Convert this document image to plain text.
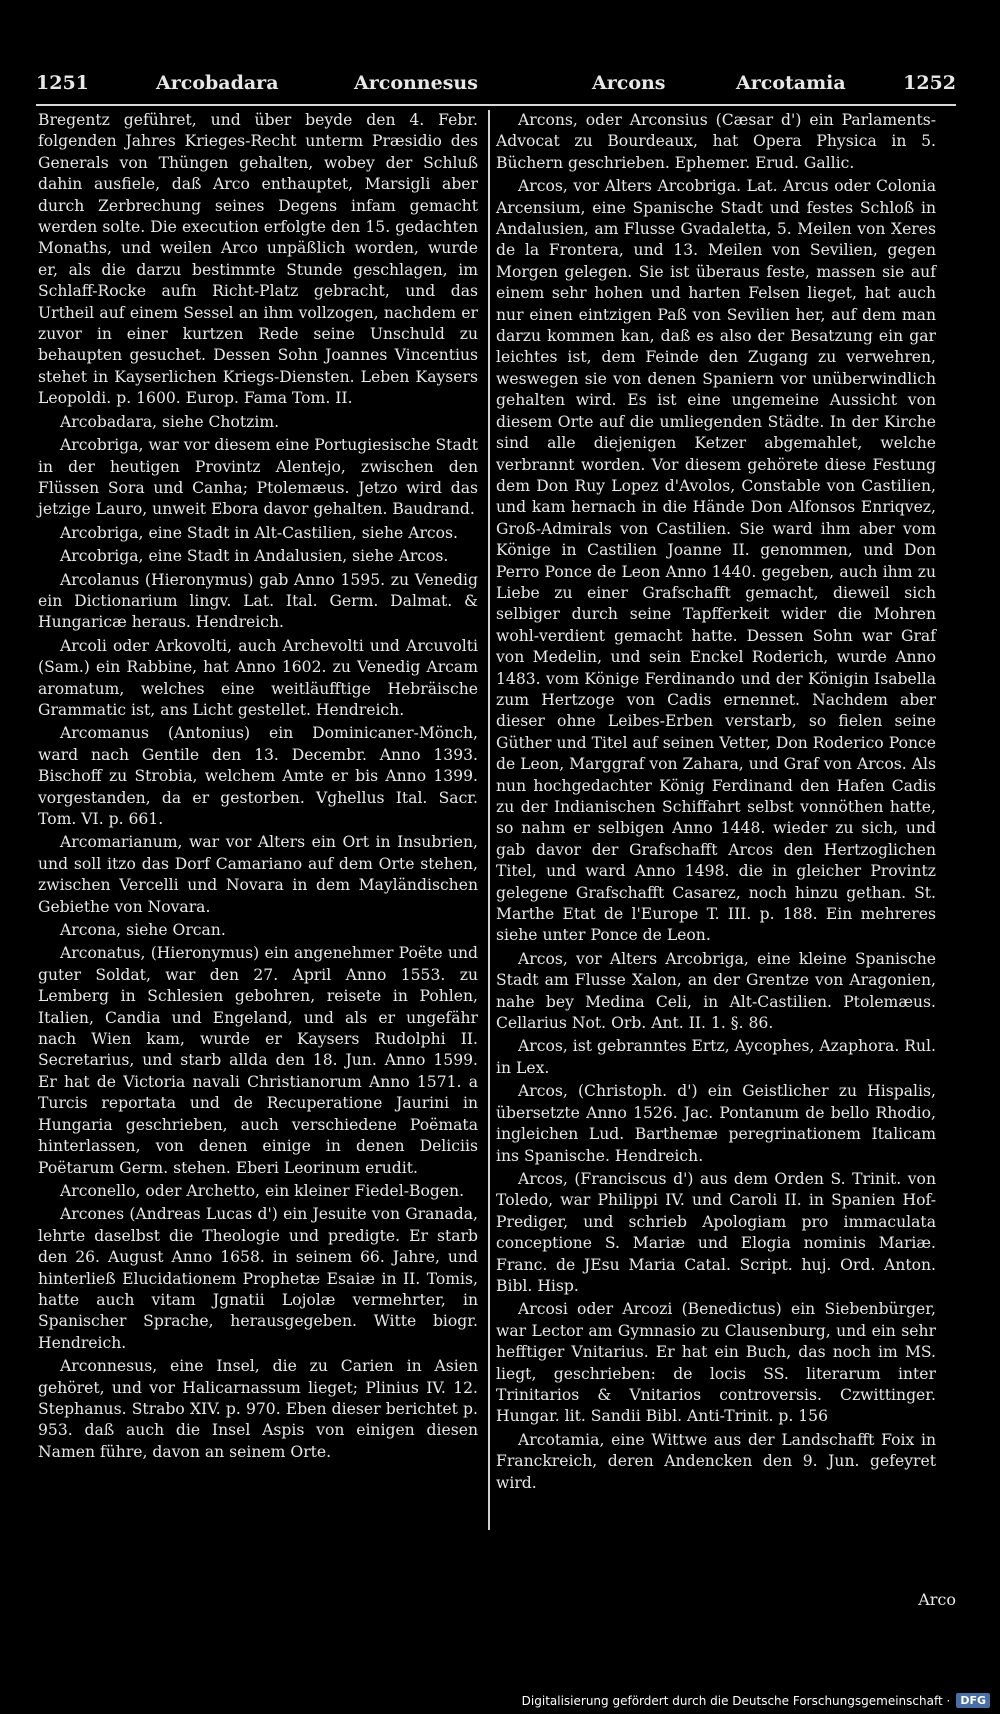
1251	Arcobadara	Arconnesus	Arcons	Arcotamia	1252

Bregentz geführet, und über beyde den 4. Febr. folgenden Jahres Krieges-Recht unterm Præsidio des Generals von Thüngen gehalten, wobey der Schluß dahin ausfiele, daß Arco enthauptet, Marsigli aber durch Zerbrechung seines Degens infam gemacht werden solte. Die execution erfolgte den 15. gedachten Monaths, und weilen Arco unpäßlich worden, wurde er, als die darzu bestimmte Stunde geschlagen, im Schlaff-Rocke aufn Richt-Platz gebracht, und das Urtheil auf einem Sessel an ihm vollzogen, nachdem er zuvor in einer kurtzen Rede seine Unschuld zu behaupten gesuchet. Dessen Sohn Joannes Vincentius stehet in Kayserlichen Kriegs-Diensten. Leben Kaysers Leopoldi. p. 1600. Europ. Fama Tom. II.

Arcobadara, siehe Chotzim.

Arcobriga, war vor diesem eine Portugiesische Stadt in der heutigen Provintz Alentejo, zwischen den Flüssen Sora und Canha; Ptolemæus. Jetzo wird das jetzige Lauro, unweit Ebora davor gehalten. Baudrand.

Arcobriga, eine Stadt in Alt-Castilien, siehe Arcos.

Arcobriga, eine Stadt in Andalusien, siehe Arcos.

Arcolanus (Hieronymus) gab Anno 1595. zu Venedig ein Dictionarium lingv. Lat. Ital. Germ. Dalmat. & Hungaricæ heraus. Hendreich.

Arcoli oder Arkovolti, auch Archevolti und Arcuvolti (Sam.) ein Rabbine, hat Anno 1602. zu Venedig Arcam aromatum, welches eine weitläufftige Hebräische Grammatic ist, ans Licht gestellet. Hendreich.

Arcomanus (Antonius) ein Dominicaner-Mönch, ward nach Gentile den 13. Decembr. Anno 1393. Bischoff zu Strobia, welchem Amte er bis Anno 1399. vorgestanden, da er gestorben. Vghellus Ital. Sacr. Tom. VI. p. 661.

Arcomarianum, war vor Alters ein Ort in Insubrien, und soll itzo das Dorf Camariano auf dem Orte stehen, zwischen Vercelli und Novara in dem Mayländischen Gebiethe von Novara.

Arcona, siehe Orcan.

Arconatus, (Hieronymus) ein angenehmer Poëte und guter Soldat, war den 27. April Anno 1553. zu Lemberg in Schlesien gebohren, reisete in Pohlen, Italien, Candia und Engeland, und als er ungefähr nach Wien kam, wurde er Kaysers Rudolphi II. Secretarius, und starb allda den 18. Jun. Anno 1599. Er hat de Victoria navali Christianorum Anno 1571. a Turcis reportata und de Recuperatione Jaurini in Hungaria geschrieben, auch verschiedene Poëmata hinterlassen, von denen einige in denen Deliciis Poëtarum Germ. stehen. Eberi Leorinum erudit.

Arconello, oder Archetto, ein kleiner Fiedel-Bogen.

Arcones (Andreas Lucas d') ein Jesuite von Granada, lehrte daselbst die Theologie und predigte. Er starb den 26. August Anno 1658. in seinem 66. Jahre, und hinterließ Elucidationem Prophetæ Esaiæ in II. Tomis, hatte auch vitam Jgnatii Lojolæ vermehrter, in Spanischer Sprache, herausgegeben. Witte biogr. Hendreich.

Arconnesus, eine Insel, die zu Carien in Asien gehöret, und vor Halicarnassum lieget; Plinius IV. 12. Stephanus. Strabo XIV. p. 970. Eben dieser berichtet p. 953. daß auch die Insel Aspis von einigen diesen Namen führe, davon an seinem Orte.

Arcons, oder Arconsius (Cæsar d') ein Parlaments-Advocat zu Bourdeaux, hat Opera Physica in 5. Büchern geschrieben. Ephemer. Erud. Gallic.

Arcos, vor Alters Arcobriga. Lat. Arcus oder Colonia Arcensium, eine Spanische Stadt und festes Schloß in Andalusien, am Flusse Gvadaletta, 5. Meilen von Xeres de la Frontera, und 13. Meilen von Sevilien, gegen Morgen gelegen. Sie ist überaus feste, massen sie auf einem sehr hohen und harten Felsen lieget, hat auch nur einen eintzigen Paß von Sevilien her, auf dem man darzu kommen kan, daß es also der Besatzung ein gar leichtes ist, dem Feinde den Zugang zu verwehren, weswegen sie von denen Spaniern vor unüberwindlich gehalten wird. Es ist eine ungemeine Aussicht von diesem Orte auf die umliegenden Städte. In der Kirche sind alle diejenigen Ketzer abgemahlet, welche verbrannt worden. Vor diesem gehörete diese Festung dem Don Ruy Lopez d'Avolos, Constable von Castilien, und kam hernach in die Hände Don Alfonsos Enriqvez, Groß-Admirals von Castilien. Sie ward ihm aber vom Könige in Castilien Joanne II. genommen, und Don Perro Ponce de Leon Anno 1440. gegeben, auch ihm zu Liebe zu einer Grafschafft gemacht, dieweil sich selbiger durch seine Tapfferkeit wider die Mohren wohl-verdient gemacht hatte. Dessen Sohn war Graf von Medelin, und sein Enckel Roderich, wurde Anno 1483. vom Könige Ferdinando und der Königin Isabella zum Hertzoge von Cadis ernennet. Nachdem aber dieser ohne Leibes-Erben verstarb, so fielen seine Güther und Titel auf seinen Vetter, Don Roderico Ponce de Leon, Marggraf von Zahara, und Graf von Arcos. Als nun hochgedachter König Ferdinand den Hafen Cadis zu der Indianischen Schiffahrt selbst vonnöthen hatte, so nahm er selbigen Anno 1448. wieder zu sich, und gab davor der Grafschafft Arcos den Hertzoglichen Titel, und ward Anno 1498. die in gleicher Provintz gelegene Grafschafft Casarez, noch hinzu gethan. St. Marthe Etat de l'Europe T. III. p. 188. Ein mehreres siehe unter Ponce de Leon.

Arcos, vor Alters Arcobriga, eine kleine Spanische Stadt am Flusse Xalon, an der Grentze von Aragonien, nahe bey Medina Celi, in Alt-Castilien. Ptolemæus. Cellarius Not. Orb. Ant. II. 1. §. 86.

Arcos, ist gebranntes Ertz, Aycophes, Azaphora. Rul. in Lex.

Arcos, (Christoph. d') ein Geistlicher zu Hispalis, übersetzte Anno 1526. Jac. Pontanum de bello Rhodio, ingleichen Lud. Barthemæ peregrinationem Italicam ins Spanische. Hendreich.

Arcos, (Franciscus d') aus dem Orden S. Trinit. von Toledo, war Philippi IV. und Caroli II. in Spanien Hof-Prediger, und schrieb Apologiam pro immaculata conceptione S. Mariæ und Elogia nominis Mariæ. Franc. de JEsu Maria Catal. Script. huj. Ord. Anton. Bibl. Hisp.

Arcosi oder Arcozi (Benedictus) ein Siebenbürger, war Lector am Gymnasio zu Clausenburg, und ein sehr hefftiger Vnitarius. Er hat ein Buch, das noch im MS. liegt, geschrieben: de locis SS. literarum inter Trinitarios & Vnitarios controversis. Czwittinger. Hungar. lit. Sandii Bibl. Anti-Trinit. p. 156

Arcotamia, eine Wittwe aus der Landschafft Foix in Franckreich, deren Andencken den 9. Jun. gefeyret wird.

Arco
Digitalisierung gefördert durch die Deutsche Forschungsgemeinschaft · DFG
